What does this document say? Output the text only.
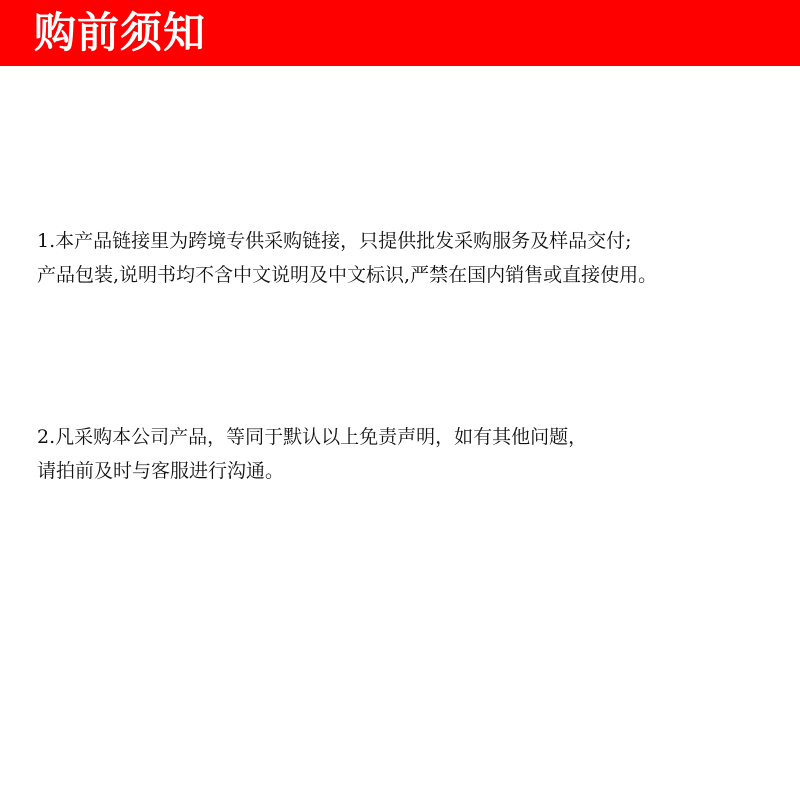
购前须知
1.本产品链接里为跨境专供采购链接，只提供批发采购服务及样品交付;
产品包装,说明书均不含中文说明及中文标识,严禁在国内销售或直接使用。
2.凡采购本公司产品，等同于默认以上免责声明，如有其他问题，
请拍前及时与客服进行沟通。
